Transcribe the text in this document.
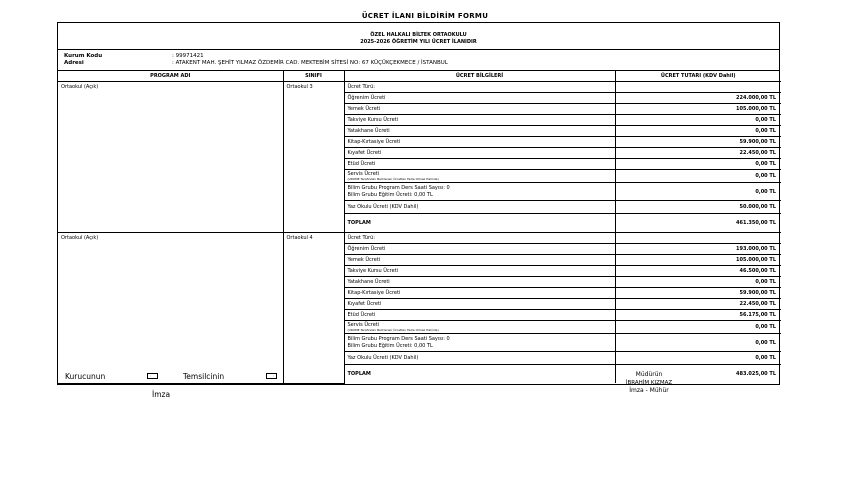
ÜCRET İLANI BİLDİRİM FORMU
ÖZEL HALKALI BİLTEK ORTAOKULU
2025-2026 ÖĞRETİM YILI ÜCRET İLANIDIR
Kurum Kodu	: 99971421
Adresi	: ATAKENT MAH. ŞEHİT YILMAZ ÖZDEMİR CAD. MEKTEBİM SİTESİ NO: 67 KÜÇÜKÇEKMECE / İSTANBUL
PROGRAM ADI	SINIFI	ÜCRET BİLGİLERİ	ÜCRET TUTARI (KDV Dahil)
Ortaokul (Açık)	Ortaokul 3	Ücret Türü:	
		Öğrenim Ücreti	224.000,00 TL
		Yemek Ücreti	105.000,00 TL
		Takviye Kursu Ücreti	0,00 TL
		Yatakhane Ücreti	0,00 TL
		Kitap-Kırtasiye Ücreti	59.900,00 TL
		Kıyafet Ücreti	22.450,00 TL
		Etüd Ücreti	0,00 TL

		Servis Ücreti
(UKOME Tarafından Belirlenen Ücretten Fazla Olmaz Halinde)	0,00 TL

		Bilim Grubu Program Ders Saati Sayısı: 0
Bilim Grubu Eğitim Ücreti: 0,00 TL	0,00 TL
		Yaz Okulu Ücreti (KDV Dahil)	50.000,00 TL
		TOPLAM	461.350,00 TL
Ortaokul (Açık)	Ortaokul 4	Ücret Türü:	
		Öğrenim Ücreti	193.000,00 TL
		Yemek Ücreti	105.000,00 TL
		Takviye Kursu Ücreti	46.500,00 TL
		Yatakhane Ücreti	0,00 TL
		Kitap-Kırtasiye Ücreti	59.900,00 TL
		Kıyafet Ücreti	22.450,00 TL
		Etüd Ücreti	56.175,00 TL

		Servis Ücreti
(UKOME Tarafından Belirlenen Ücretten Fazla Olmaz Halinde)	0,00 TL

		Bilim Grubu Program Ders Saati Sayısı: 0
Bilim Grubu Eğitim Ücreti: 0,00 TL	0,00 TL
		Yaz Okulu Ücreti (KDV Dahil)	0,00 TL
		TOPLAM	483.025,00 TL
Kurucunun	Temsilcinin
İmza
Müdürün
İBRAHİM KIZMAZ
İmza - Mühür
